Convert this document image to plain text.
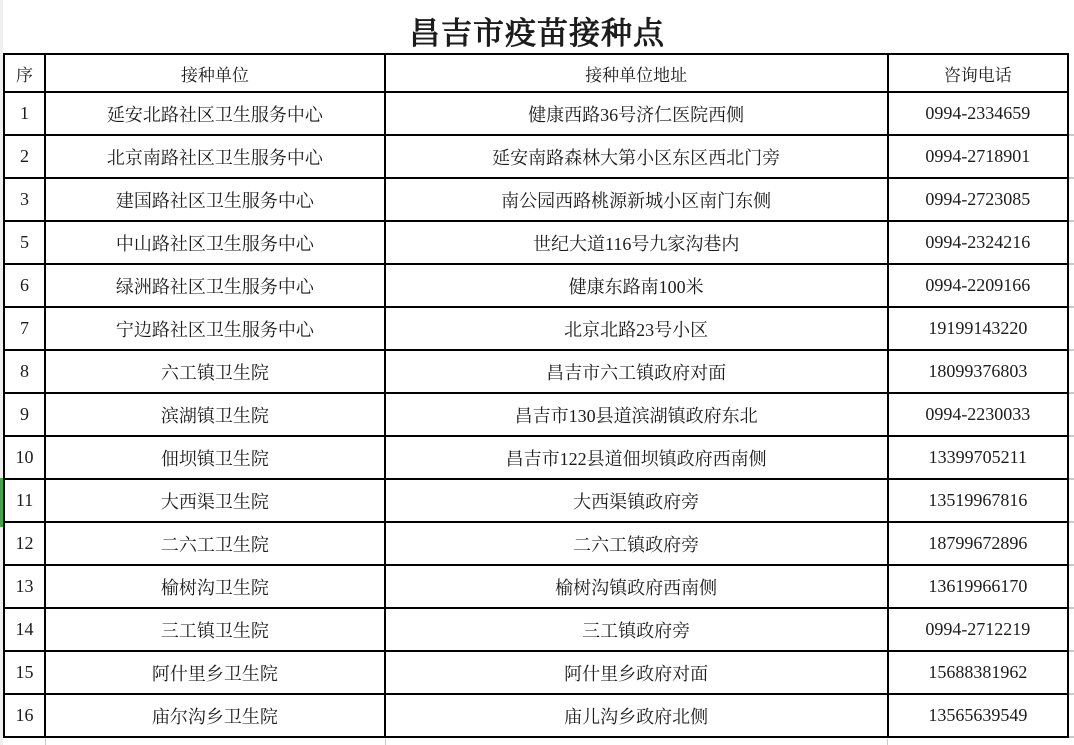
昌吉市疫苗接种点
序	接种单位	接种单位地址	咨询电话
1	延安北路社区卫生服务中心	健康西路36号济仁医院西侧	0994-2334659
2	北京南路社区卫生服务中心	延安南路森林大第小区东区西北门旁	0994-2718901
3	建国路社区卫生服务中心	南公园西路桃源新城小区南门东侧	0994-2723085
5	中山路社区卫生服务中心	世纪大道116号九家沟巷内	0994-2324216
6	绿洲路社区卫生服务中心	健康东路南100米	0994-2209166
7	宁边路社区卫生服务中心	北京北路23号小区	19199143220
8	六工镇卫生院	昌吉市六工镇政府对面	18099376803
9	滨湖镇卫生院	昌吉市130县道滨湖镇政府东北	0994-2230033
10	佃坝镇卫生院	昌吉市122县道佃坝镇政府西南侧	13399705211
11	大西渠卫生院	大西渠镇政府旁	13519967816
12	二六工卫生院	二六工镇政府旁	18799672896
13	榆树沟卫生院	榆树沟镇政府西南侧	13619966170
14	三工镇卫生院	三工镇政府旁	0994-2712219
15	阿什里乡卫生院	阿什里乡政府对面	15688381962
16	庙尔沟乡卫生院	庙儿沟乡政府北侧	13565639549
